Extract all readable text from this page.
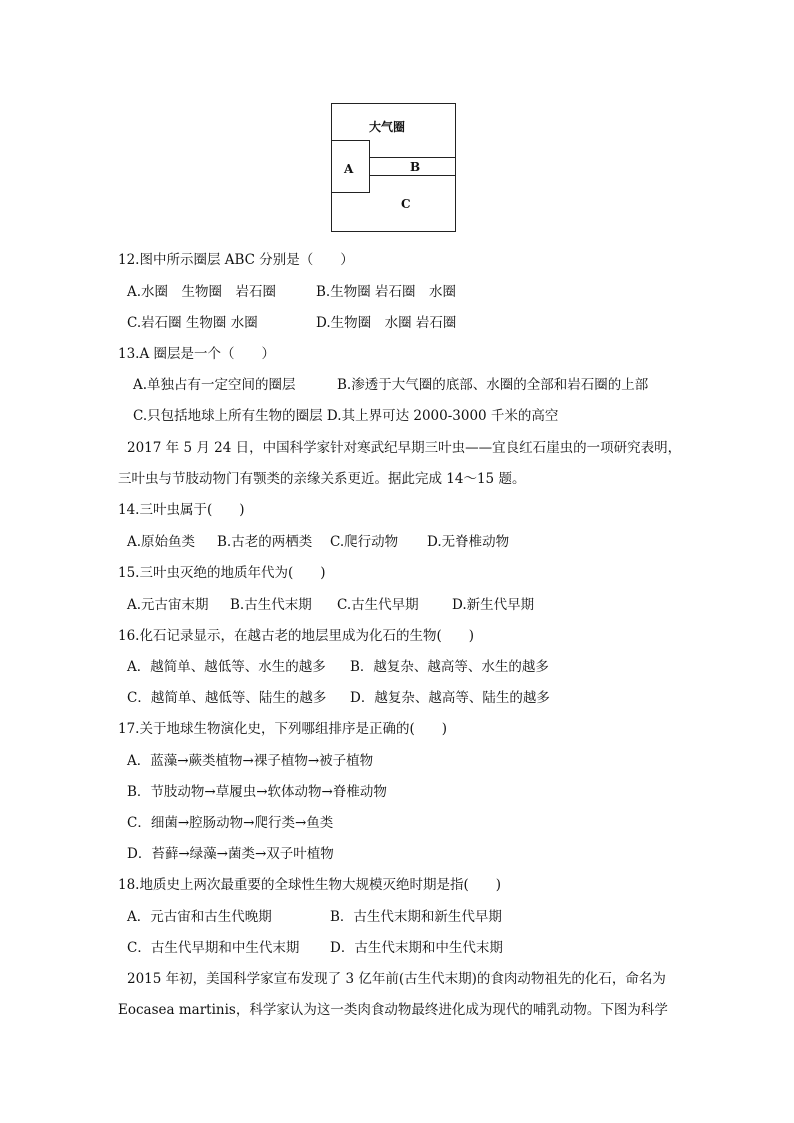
大气圈
A	B
C
12.图中所示圈层 ABC 分别是（　　）
A.水圈　生物圈　岩石圈	B.生物圈 岩石圈　水圈
C.岩石圈 生物圈 水圈	D.生物圈　水圈 岩石圈
13.A 圈层是一个（　　）
A.单独占有一定空间的圈层	B.渗透于大气圈的底部、水圈的全部和岩石圈的上部
C.只包括地球上所有生物的圈层 D.其上界可达 2000-3000 千米的高空
2017 年 5 月 24 日，中国科学家针对寒武纪早期三叶虫——宜良红石崖虫的一项研究表明，
三叶虫与节肢动物门有颚类的亲缘关系更近。据此完成 14～15 题。
14.三叶虫属于(　　)
A.原始鱼类 B.古老的两栖类 C.爬行动物 D.无脊椎动物
15.三叶虫灭绝的地质年代为(　　)
A.元古宙末期 B.古生代末期 C.古生代早期 D.新生代早期
16.化石记录显示，在越古老的地层里成为化石的生物(　　)
A．越简单、越低等、水生的越多 B．越复杂、越高等、水生的越多
C．越简单、越低等、陆生的越多 D．越复杂、越高等、陆生的越多
17.关于地球生物演化史，下列哪组排序是正确的(　　)
A．蓝藻→蕨类植物→裸子植物→被子植物
B．节肢动物→草履虫→软体动物→脊椎动物
C．细菌→腔肠动物→爬行类→鱼类
D．苔藓→绿藻→菌类→双子叶植物
18.地质史上两次最重要的全球性生物大规模灭绝时期是指(　　)
A．元古宙和古生代晚期	B．古生代末期和新生代早期
C．古生代早期和中生代末期 D．古生代末期和中生代末期
2015 年初，美国科学家宣布发现了 3 亿年前(古生代末期)的食肉动物祖先的化石，命名为
Eocasea martinis，科学家认为这一类肉食动物最终进化成为现代的哺乳动物。下图为科学
